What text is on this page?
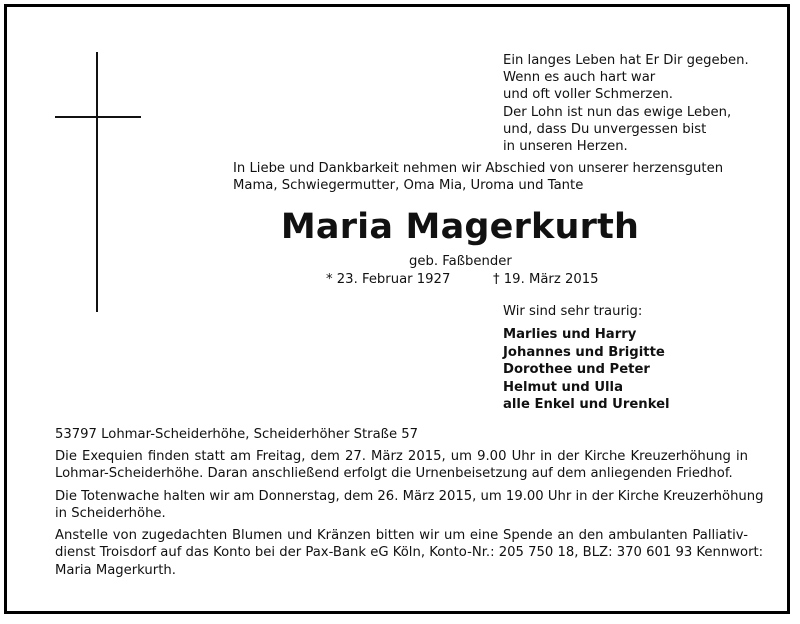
Ein langes Leben hat Er Dir gegeben.
Wenn es auch hart war
und oft voller Schmerzen.
Der Lohn ist nun das ewige Leben,
und, dass Du unvergessen bist
in unseren Herzen.
In Liebe und Dankbarkeit nehmen wir Abschied von unserer herzensguten
Mama, Schwiegermutter, Oma Mia, Uroma und Tante
Maria Magerkurth
geb. Faßbender
* 23. Februar 1927	† 19. März 2015
Wir sind sehr traurig:
Marlies und Harry
Johannes und Brigitte
Dorothee und Peter
Helmut und Ulla
alle Enkel und Urenkel
53797 Lohmar-Scheiderhöhe, Scheiderhöher Straße 57
Die Exequien finden statt am Freitag, dem 27. März 2015, um 9.00 Uhr in der Kirche Kreuzerhöhung in
Lohmar-Scheiderhöhe. Daran anschließend erfolgt die Urnenbeisetzung auf dem anliegenden Friedhof.
Die Totenwache halten wir am Donnerstag, dem 26. März 2015, um 19.00 Uhr in der Kirche Kreuzerhöhung
in Scheiderhöhe.
Anstelle von zugedachten Blumen und Kränzen bitten wir um eine Spende an den ambulanten Palliativ-
dienst Troisdorf auf das Konto bei der Pax-Bank eG Köln, Konto-Nr.: 205 750 18, BLZ: 370 601 93 Kennwort:
Maria Magerkurth.
